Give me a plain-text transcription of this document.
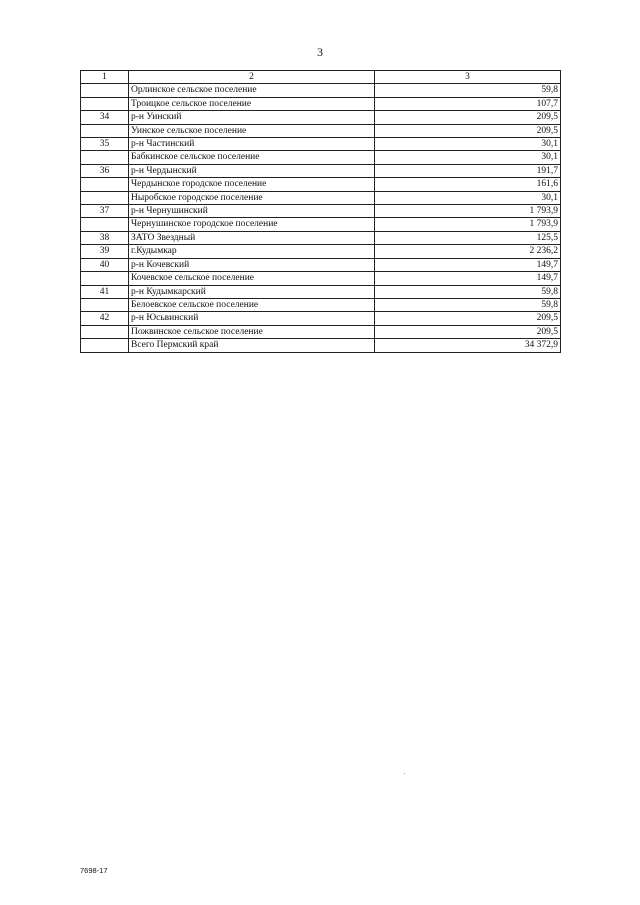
3
1	2	3
	Орлинское сельское поселение	59,8
	Троицкое сельское поселение	107,7
34	р-н Уинский	209,5
	Уинское сельское поселение	209,5
35	р-н Частинский	30,1
	Бабкинское сельское поселение	30,1
36	р-н Чердынский	191,7
	Чердынское городское поселение	161,6
	Ныробское городское поселение	30,1
37	р-н Чернушинский	1 793,9
	Чернушинское городское поселение	1 793,9
38	ЗАТО Звездный	125,5
39	г.Кудымкар	2 236,2
40	р-н Кочевский	149,7
	Кочевское сельское поселение	149,7
41	р-н Кудымкарский	59,8
	Белоевское сельское поселение	59,8
42	р-н Юсьвинский	209,5
	Пожвинское сельское поселение	209,5
	Всего Пермский край	34 372,9
7698-17
